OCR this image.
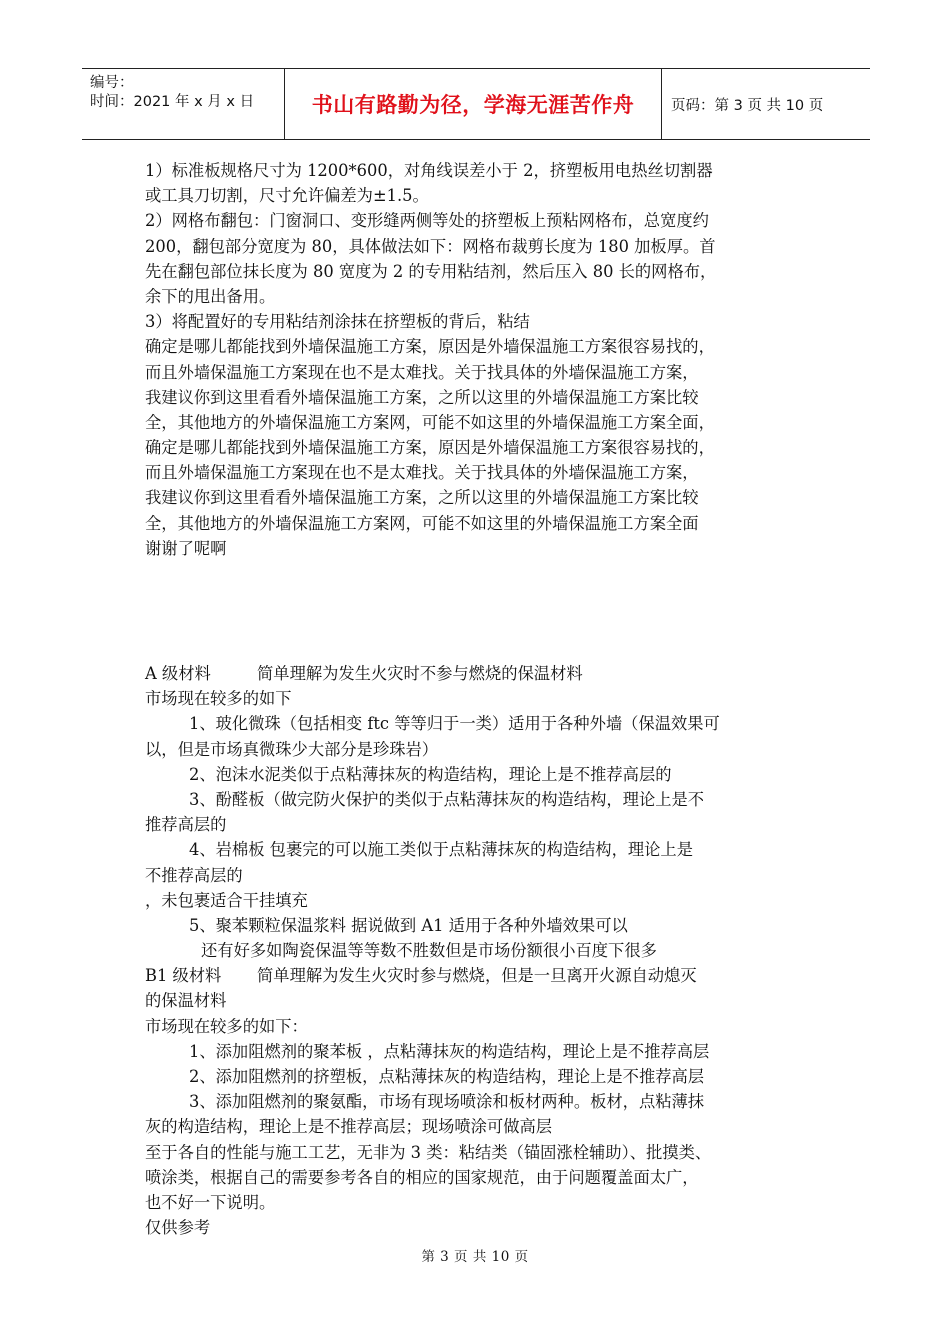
编号：
时间：2021 年 x 月 x 日	书山有路勤为径，学海无涯苦作舟	页码：第 3 页 共 10 页
1）标准板规格尺寸为 1200*600，对角线误差小于 2，挤塑板用电热丝切割器
或工具刀切割，尺寸允许偏差为±1.5。
2）网格布翻包：门窗洞口、变形缝两侧等处的挤塑板上预粘网格布，总宽度约
200，翻包部分宽度为 80，具体做法如下：网格布裁剪长度为 180 加板厚。首
先在翻包部位抹长度为 80 宽度为 2 的专用粘结剂，然后压入 80 长的网格布，
余下的甩出备用。
3）将配置好的专用粘结剂涂抹在挤塑板的背后，粘结
确定是哪儿都能找到外墙保温施工方案，原因是外墙保温施工方案很容易找的，
而且外墙保温施工方案现在也不是太难找。关于找具体的外墙保温施工方案，
我建议你到这里看看外墙保温施工方案，之所以这里的外墙保温施工方案比较
全，其他地方的外墙保温施工方案网，可能不如这里的外墙保温施工方案全面，
确定是哪儿都能找到外墙保温施工方案，原因是外墙保温施工方案很容易找的，
而且外墙保温施工方案现在也不是太难找。关于找具体的外墙保温施工方案，
我建议你到这里看看外墙保温施工方案，之所以这里的外墙保温施工方案比较
全，其他地方的外墙保温施工方案网，可能不如这里的外墙保温施工方案全面
谢谢了呢啊
A 级材料	简单理解为发生火灾时不参与燃烧的保温材料
市场现在较多的如下
1、玻化微珠（包括相变 ftc 等等归于一类）适用于各种外墙（保温效果可
以，但是市场真微珠少大部分是珍珠岩）
2、泡沫水泥类似于点粘薄抹灰的构造结构，理论上是不推荐高层的
3、酚醛板（做完防火保护的类似于点粘薄抹灰的构造结构，理论上是不
推荐高层的
4、岩棉板 包裹完的可以施工类似于点粘薄抹灰的构造结构，理论上是
不推荐高层的
，未包裹适合干挂填充
5、聚苯颗粒保温浆料 据说做到 A1 适用于各种外墙效果可以
还有好多如陶瓷保温等等数不胜数但是市场份额很小百度下很多
B1 级材料 简单理解为发生火灾时参与燃烧，但是一旦离开火源自动熄灭
的保温材料
市场现在较多的如下：
1、添加阻燃剂的聚苯板 ，点粘薄抹灰的构造结构，理论上是不推荐高层
2、添加阻燃剂的挤塑板，点粘薄抹灰的构造结构，理论上是不推荐高层
3、添加阻燃剂的聚氨酯，市场有现场喷涂和板材两种。板材，点粘薄抹
灰的构造结构，理论上是不推荐高层；现场喷涂可做高层
至于各自的性能与施工工艺，无非为 3 类：粘结类（锚固涨栓辅助）、批摸类、
喷涂类，根据自己的需要参考各自的相应的国家规范，由于问题覆盖面太广，
也不好一下说明。
仅供参考
第 3 页 共 10 页
